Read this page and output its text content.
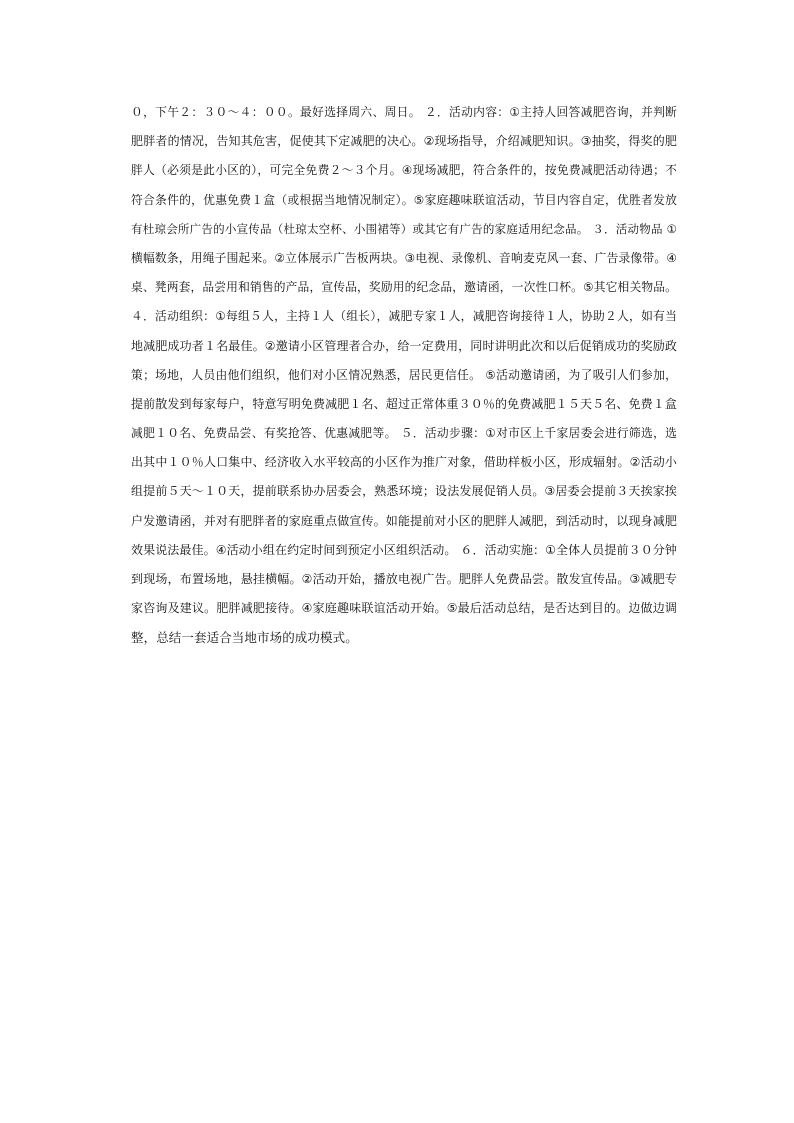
０，下午２：３０～４：００。最好选择周六、周日。 ２．活动内容：①主持人回答减肥咨询，并判断
肥胖者的情况，告知其危害，促使其下定减肥的决心。②现场指导，介绍减肥知识。③抽奖，得奖的肥
胖人（必须是此小区的），可完全免费２～３个月。④现场减肥，符合条件的，按免费减肥活动待遇；不
符合条件的，优惠免费１盒（或根据当地情况制定）。⑤家庭趣味联谊活动，节目内容自定，优胜者发放
有杜琼会所广告的小宣传品（杜琼太空杯、小围裙等）或其它有广告的家庭适用纪念品。 ３．活动物品 ①
横幅数条，用绳子围起来。②立体展示广告板两块。③电视、录像机、音响麦克风一套、广告录像带。④
桌、凳两套，品尝用和销售的产品，宣传品，奖励用的纪念品，邀请函，一次性口杯。⑤其它相关物品。
４．活动组织：①每组５人，主持１人（组长），减肥专家１人，减肥咨询接待１人，协助２人，如有当
地减肥成功者１名最佳。②邀请小区管理者合办，给一定费用，同时讲明此次和以后促销成功的奖励政
策；场地，人员由他们组织，他们对小区情况熟悉，居民更信任。 ⑤活动邀请函，为了吸引人们参加，
提前散发到每家每户，特意写明免费减肥１名、超过正常体重３０％的免费减肥１５天５名、免费１盒
减肥１０名、免费品尝、有奖抢答、优惠减肥等。 ５．活动步骤：①对市区上千家居委会进行筛选，选
出其中１０％人口集中、经济收入水平较高的小区作为推广对象，借助样板小区，形成辐射。②活动小
组提前５天～１０天，提前联系协办居委会，熟悉环境；设法发展促销人员。③居委会提前３天挨家挨
户发邀请函，并对有肥胖者的家庭重点做宣传。如能提前对小区的肥胖人减肥，到活动时，以现身减肥
效果说法最佳。④活动小组在约定时间到预定小区组织活动。 ６．活动实施：①全体人员提前３０分钟
到现场，布置场地，悬挂横幅。②活动开始，播放电视广告。肥胖人免费品尝。散发宣传品。③减肥专
家咨询及建议。肥胖减肥接待。④家庭趣味联谊活动开始。⑤最后活动总结，是否达到目的。边做边调
整，总结一套适合当地市场的成功模式。
